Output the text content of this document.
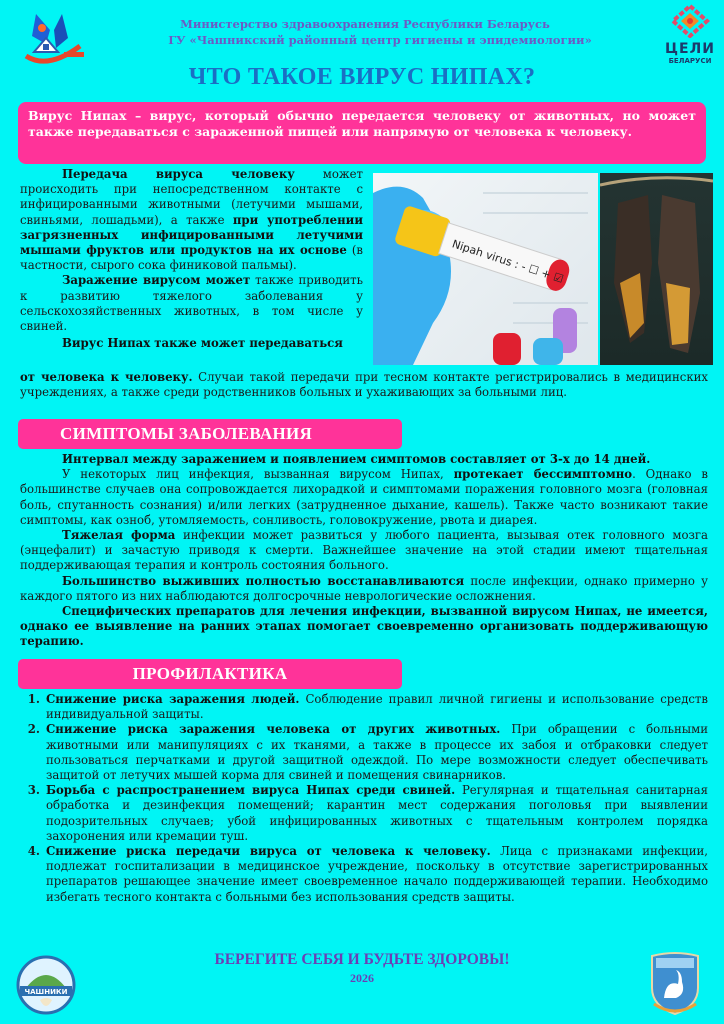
Министерство здравоохранения Республики Беларусь
ГУ «Чашникский районный центр гигиены и эпидемиологии»
ЦЕЛИ
БЕЛАРУСИ
ЧТО ТАКОЕ ВИРУС НИПАХ?
Вирус Нипах – вирус, который обычно передается человеку от животных, но может также передаваться с зараженной пищей или напрямую от человека к человеку.

Передача вируса человеку может происходить при непосредственном контакте с инфицированными животными (летучими мышами, свиньями, лошадьми), а также при употреблении загрязненных инфицированными летучими мышами фруктов или продуктов на их основе (в частности, сырого сока финиковой пальмы).

Заражение вирусом может также приводить к развитию тяжелого заболевания у сельскохозяйственных животных, в том числе у свиней.

Вирус Нипах также может передаваться

Nipah virus : - ☐ + ☑
от человека к человеку. Случаи такой передачи при тесном контакте регистрировались в медицинских учреждениях, а также среди родственников больных и ухаживающих за больными лиц.
СИМПТОМЫ ЗАБОЛЕВАНИЯ

Интервал между заражением и появлением симптомов составляет от 3-х до 14 дней.

У некоторых лиц инфекция, вызванная вирусом Нипах, протекает бессимптомно. Однако в большинстве случаев она сопровождается лихорадкой и симптомами поражения головного мозга (головная боль, спутанность сознания) и/или легких (затрудненное дыхание, кашель). Также часто возникают такие симптомы, как озноб, утомляемость, сонливость, головокружение, рвота и диарея.

Тяжелая форма инфекции может развиться у любого пациента, вызывая отек головного мозга (энцефалит) и зачастую приводя к смерти. Важнейшее значение на этой стадии имеют тщательная поддерживающая терапия и контроль состояния больного.

Большинство выживших полностью восстанавливаются после инфекции, однако примерно у каждого пятого из них наблюдаются долгосрочные неврологические осложнения.

Специфических препаратов для лечения инфекции, вызванной вирусом Нипах, не имеется, однако ее выявление на ранних этапах помогает своевременно организовать поддерживающую терапию.

ПРОФИЛАКТИКА
1. Снижение риска заражения людей. Соблюдение правил личной гигиены и использование средств индивидуальной защиты.
2. Снижение риска заражения человека от других животных. При обращении с больными животными или манипуляциях с их тканями, а также в процессе их забоя и отбраковки следует пользоваться перчатками и другой защитной одеждой. По мере возможности следует обеспечивать защитой от летучих мышей корма для свиней и помещения свинарников.
3. Борьба с распространением вируса Нипах среди свиней. Регулярная и тщательная санитарная обработка и дезинфекция помещений; карантин мест содержания поголовья при выявлении подозрительных случаев; убой инфицированных животных с тщательным контролем порядка захоронения или кремации туш.
4. Снижение риска передачи вируса от человека к человеку. Лица с признаками инфекции, подлежат госпитализации в медицинское учреждение, поскольку в отсутствие зарегистрированных препаратов решающее значение имеет своевременное начало поддерживающей терапии. Необходимо избегать тесного контакта с больными без использования средств защиты.
ЧАШНИКИ
БЕРЕГИТЕ СЕБЯ И БУДЬТЕ ЗДОРОВЫ!
2026
